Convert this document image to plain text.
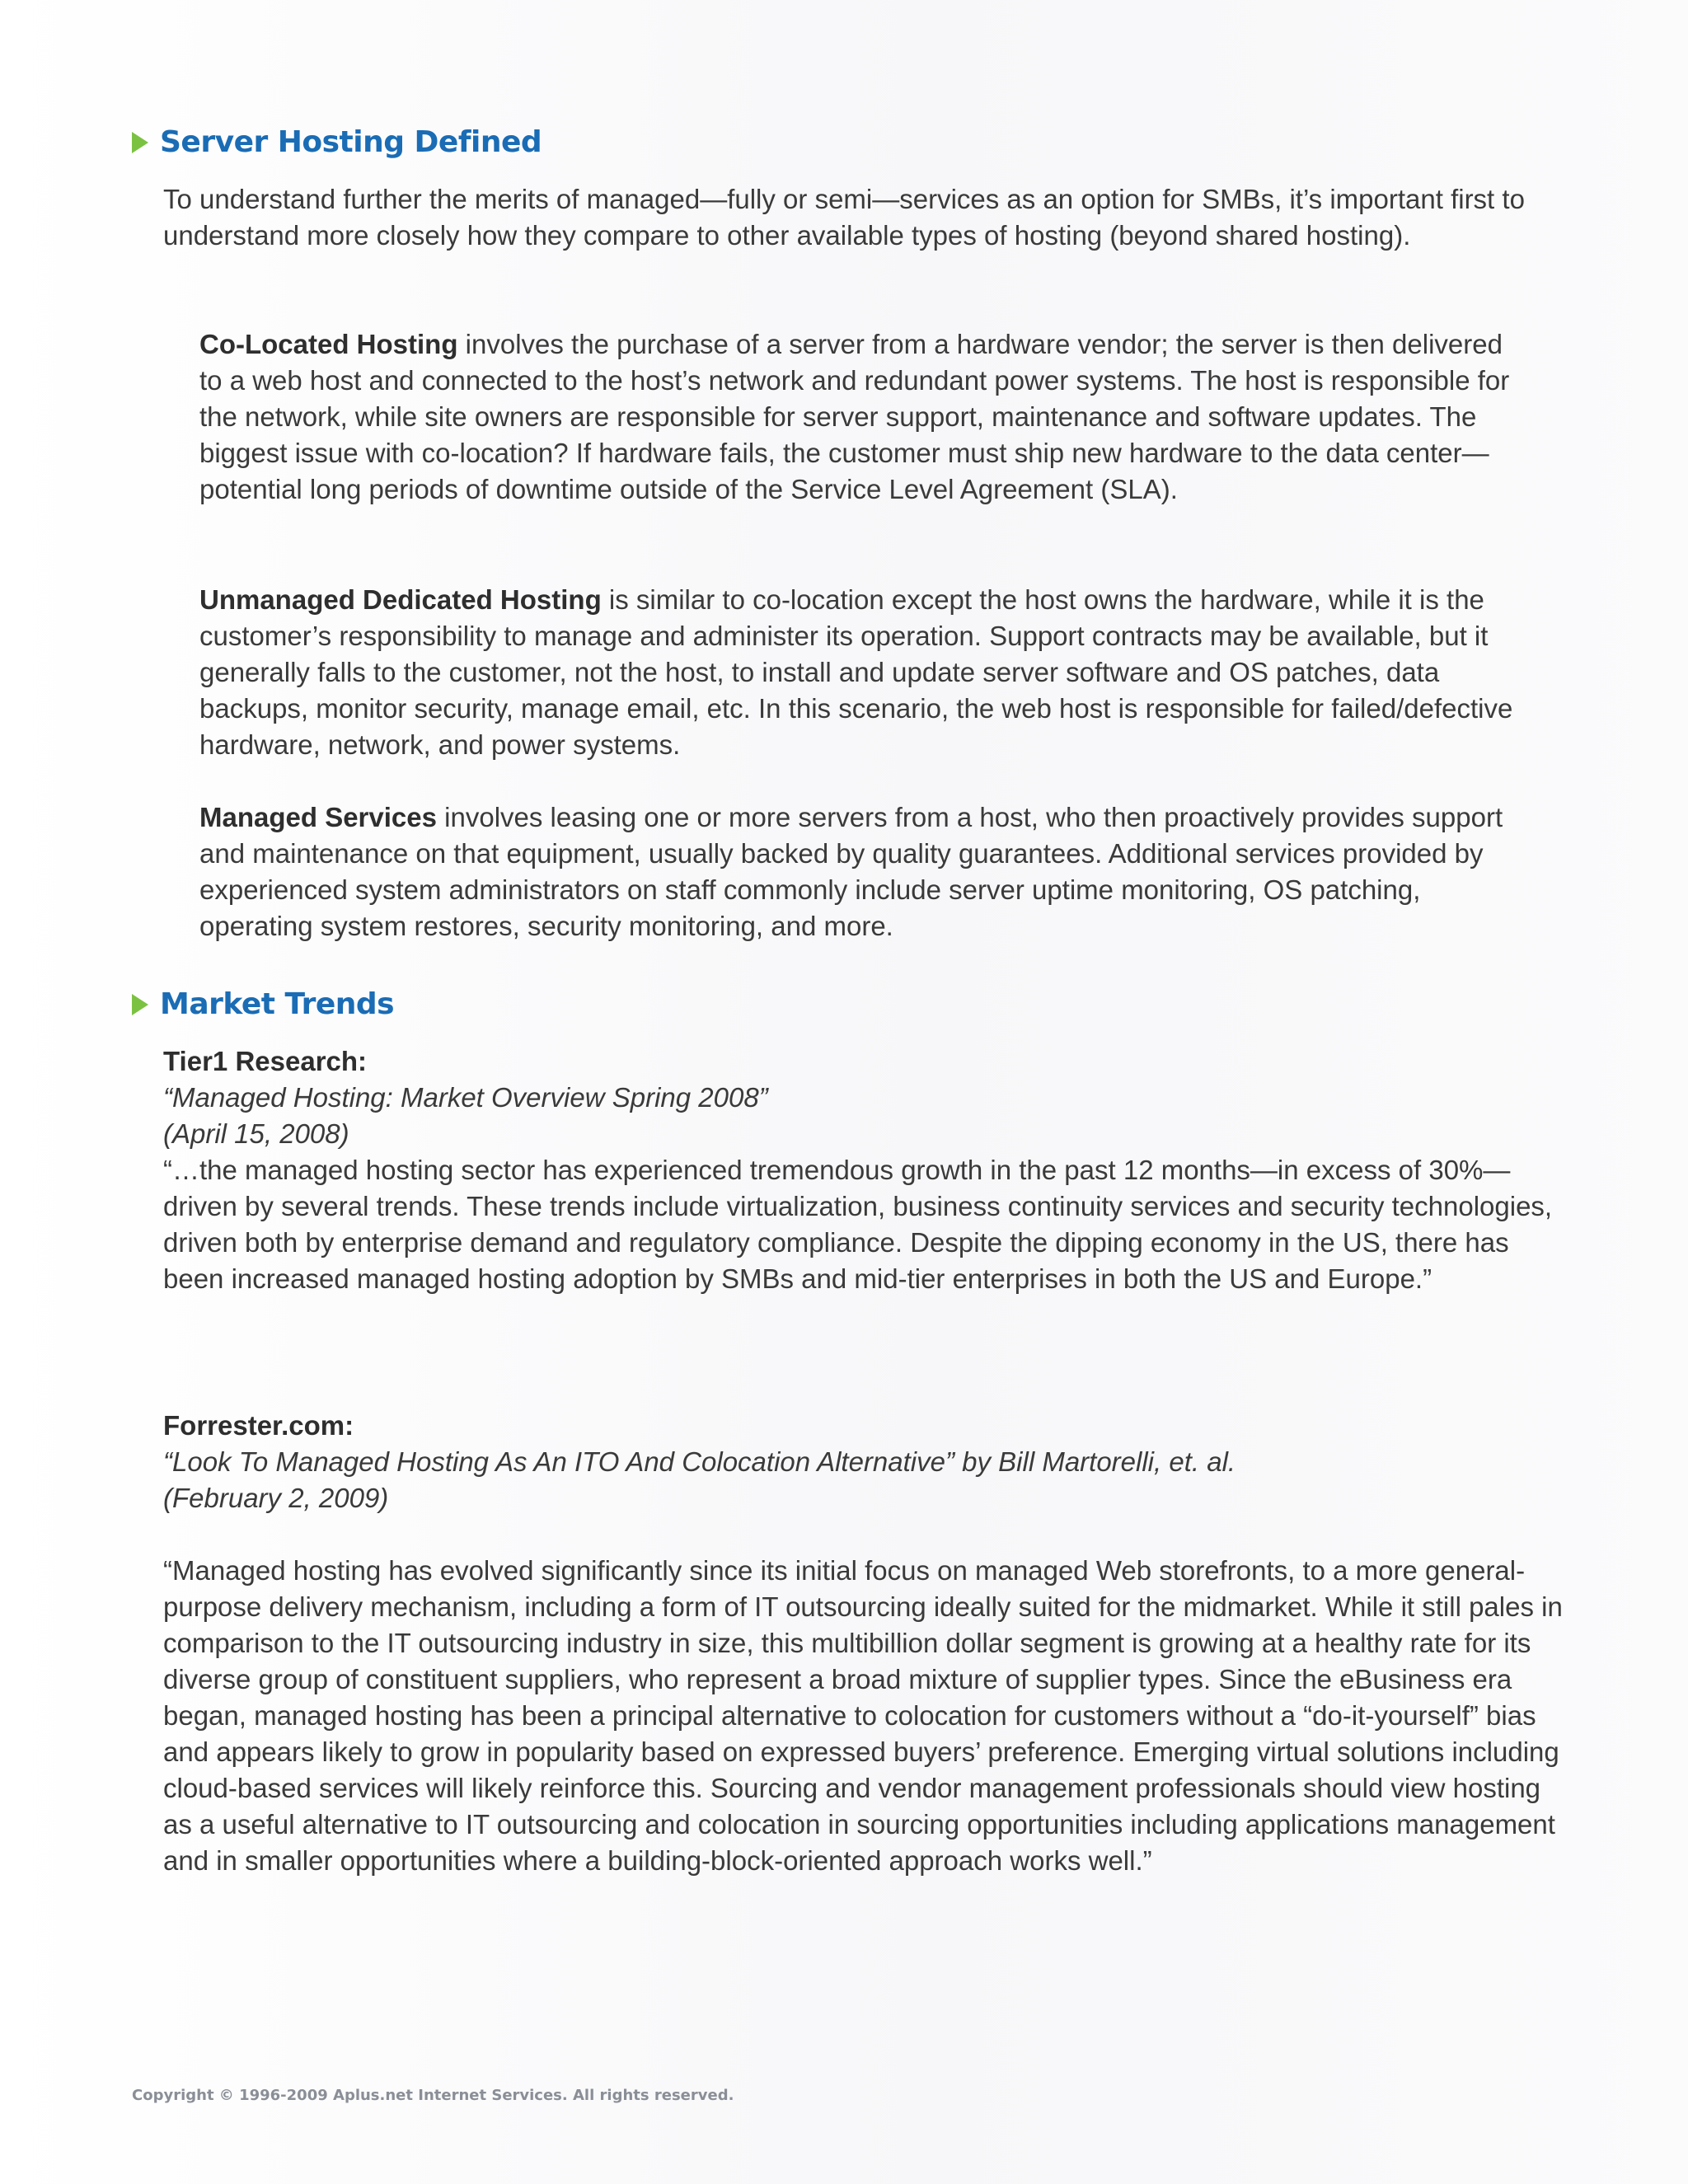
Server Hosting Defined

To understand further the merits of managed—fully or semi—services as an option for SMBs, it’s important first to understand more closely how they compare to other available types of hosting (beyond shared hosting).

Co-Located Hosting involves the purchase of a server from a hardware vendor; the server is then delivered to a web host and connected to the host’s network and redundant power systems. The host is responsible for the network, while site owners are responsible for server support, maintenance and software updates. The biggest issue with co-location? If hardware fails, the customer must ship new hardware to the data center—potential long periods of downtime outside of the Service Level Agreement (SLA).

Unmanaged Dedicated Hosting is similar to co-location except the host owns the hardware, while it is the customer’s responsibility to manage and administer its operation. Support contracts may be available, but it generally falls to the customer, not the host, to install and update server software and OS patches, data backups, monitor security, manage email, etc. In this scenario, the web host is responsible for failed/defective hardware, network, and power systems.

Managed Services involves leasing one or more servers from a host, who then proactively provides support and maintenance on that equipment, usually backed by quality guarantees. Additional services provided by experienced system administrators on staff commonly include server uptime monitoring, OS patching, operating system restores, security monitoring, and more.

Market Trends
Tier1 Research:
“Managed Hosting: Market Overview Spring 2008”
(April 15, 2008)
“…the managed hosting sector has experienced tremendous growth in the past 12 months—in excess of 30%—driven by several trends. These trends include virtualization, business continuity services and security technologies, driven both by enterprise demand and regulatory compliance. Despite the dipping economy in the US, there has been increased managed hosting adoption by SMBs and mid-tier enterprises in both the US and Europe.”
Forrester.com:
“Look To Managed Hosting As An ITO And Colocation Alternative” by Bill Martorelli, et. al.
(February 2, 2009)

“Managed hosting has evolved significantly since its initial focus on managed Web storefronts, to a more general-purpose delivery mechanism, including a form of IT outsourcing ideally suited for the midmarket. While it still pales in comparison to the IT outsourcing industry in size, this multibillion dollar segment is growing at a healthy rate for its diverse group of constituent suppliers, who represent a broad mixture of supplier types. Since the eBusiness era began, managed hosting has been a principal alternative to colocation for customers without a “do-it-yourself” bias and appears likely to grow in popularity based on expressed buyers’ preference. Emerging virtual solutions including cloud-based services will likely reinforce this. Sourcing and vendor management professionals should view hosting as a useful alternative to IT outsourcing and colocation in sourcing opportunities including applications management and in smaller opportunities where a building-block-oriented approach works well.”

Copyright © 1996-2009 Aplus.net Internet Services. All rights reserved.
